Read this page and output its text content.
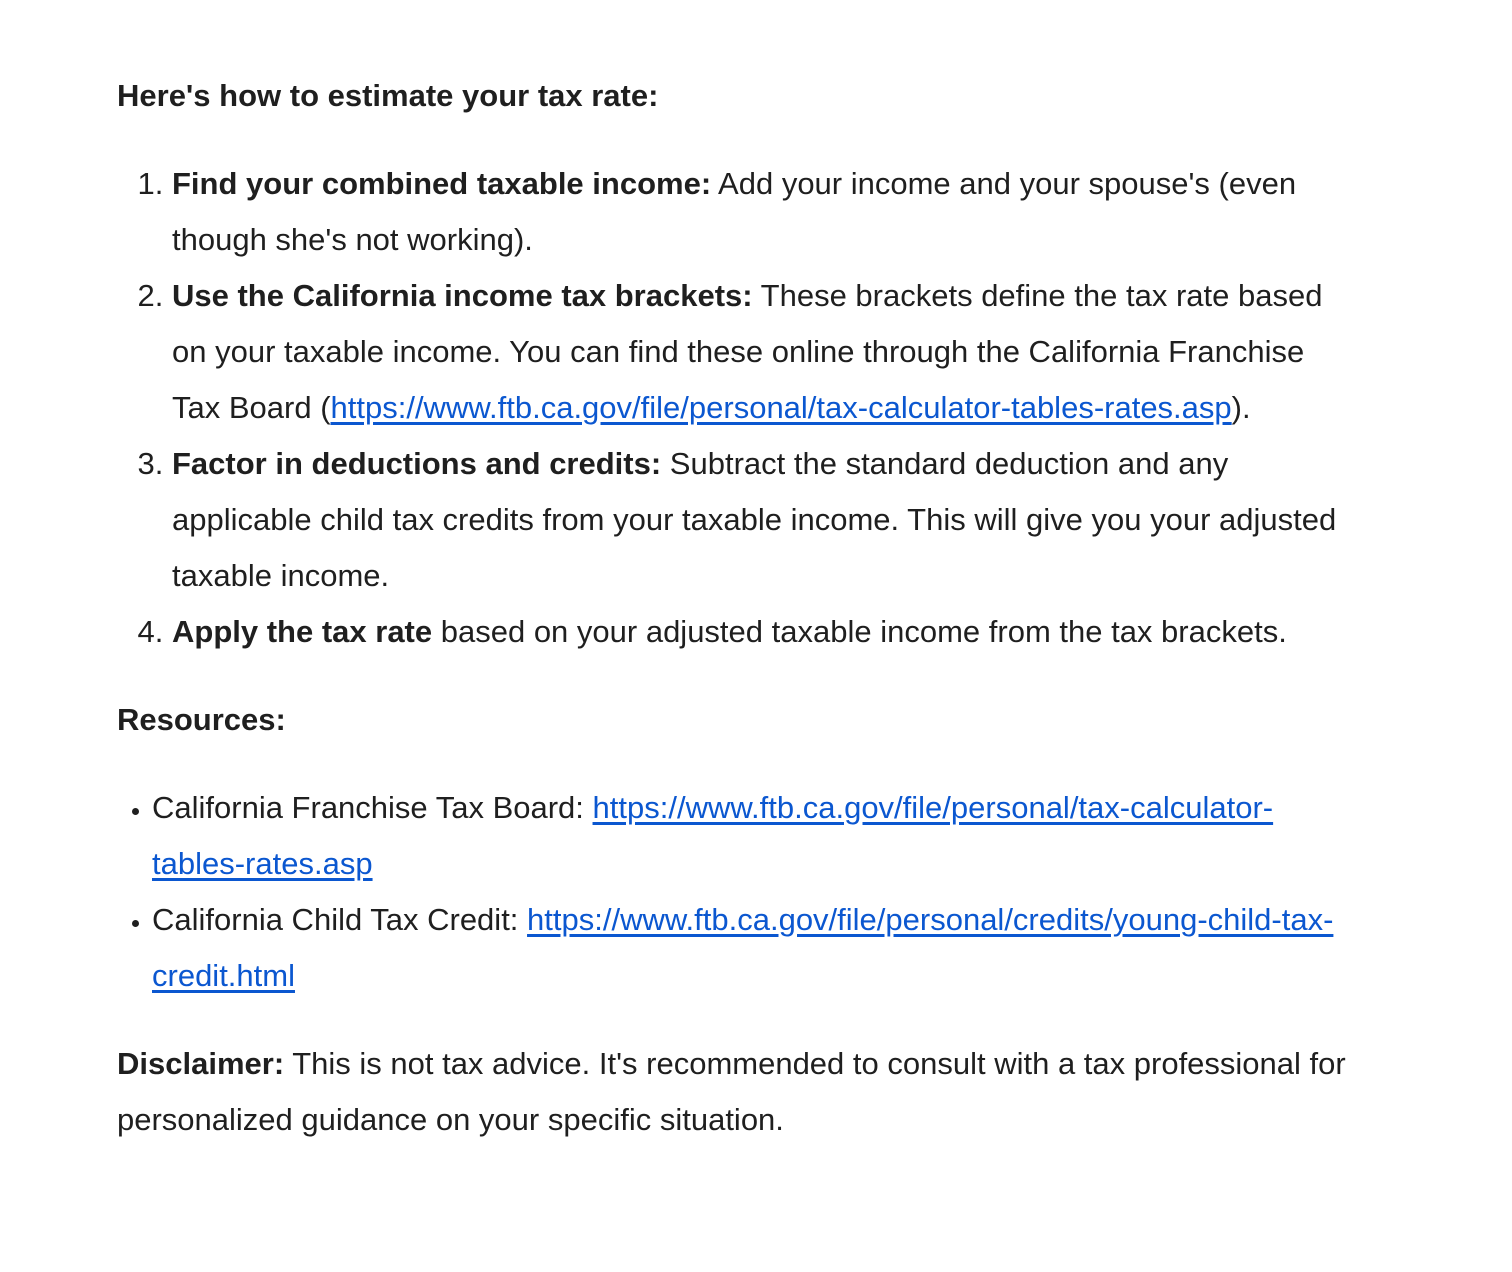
Here's how to estimate your tax rate:

1. Find your combined taxable income: Add your income and your spouse's (even though she's not working).
2. Use the California income tax brackets: These brackets define the tax rate based on your taxable income. You can find these online through the California Franchise Tax Board (https://www.ftb.ca.gov/file/personal/tax-calculator-tables-rates.asp).
3. Factor in deductions and credits: Subtract the standard deduction and any applicable child tax credits from your taxable income. This will give you your adjusted taxable income.
4. Apply the tax rate based on your adjusted taxable income from the tax brackets.

Resources:

• California Franchise Tax Board: https://www.ftb.ca.gov/file/personal/tax-calculator-tables-rates.asp
• California Child Tax Credit: https://www.ftb.ca.gov/file/personal/credits/young-child-tax-credit.html

Disclaimer: This is not tax advice. It's recommended to consult with a tax professional for personalized guidance on your specific situation.
